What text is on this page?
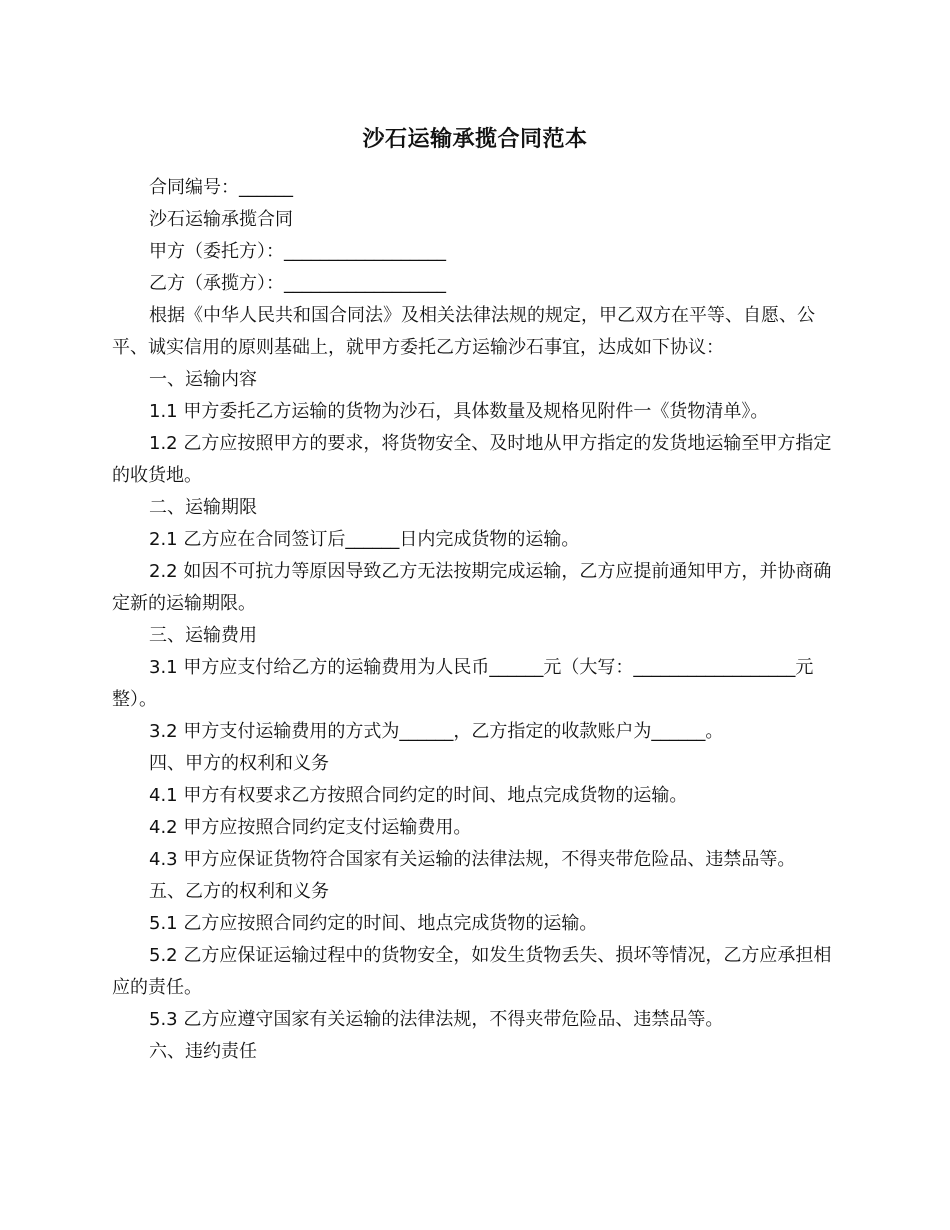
沙石运输承揽合同范本

合同编号：______

沙石运输承揽合同

甲方（委托方）：__________________

乙方（承揽方）：__________________

根据《中华人民共和国合同法》及相关法律法规的规定，甲乙双方在平等、自愿、公平、诚实信用的原则基础上，就甲方委托乙方运输沙石事宜，达成如下协议：

一、运输内容

1.1 甲方委托乙方运输的货物为沙石，具体数量及规格见附件一《货物清单》。

1.2 乙方应按照甲方的要求，将货物安全、及时地从甲方指定的发货地运输至甲方指定的收货地。

二、运输期限

2.1 乙方应在合同签订后______日内完成货物的运输。

2.2 如因不可抗力等原因导致乙方无法按期完成运输，乙方应提前通知甲方，并协商确定新的运输期限。

三、运输费用

3.1 甲方应支付给乙方的运输费用为人民币______元（大写：__________________元整）。

3.2 甲方支付运输费用的方式为______，乙方指定的收款账户为______。

四、甲方的权利和义务

4.1 甲方有权要求乙方按照合同约定的时间、地点完成货物的运输。

4.2 甲方应按照合同约定支付运输费用。

4.3 甲方应保证货物符合国家有关运输的法律法规，不得夹带危险品、违禁品等。

五、乙方的权利和义务

5.1 乙方应按照合同约定的时间、地点完成货物的运输。

5.2 乙方应保证运输过程中的货物安全，如发生货物丢失、损坏等情况，乙方应承担相应的责任。

5.3 乙方应遵守国家有关运输的法律法规，不得夹带危险品、违禁品等。

六、违约责任
